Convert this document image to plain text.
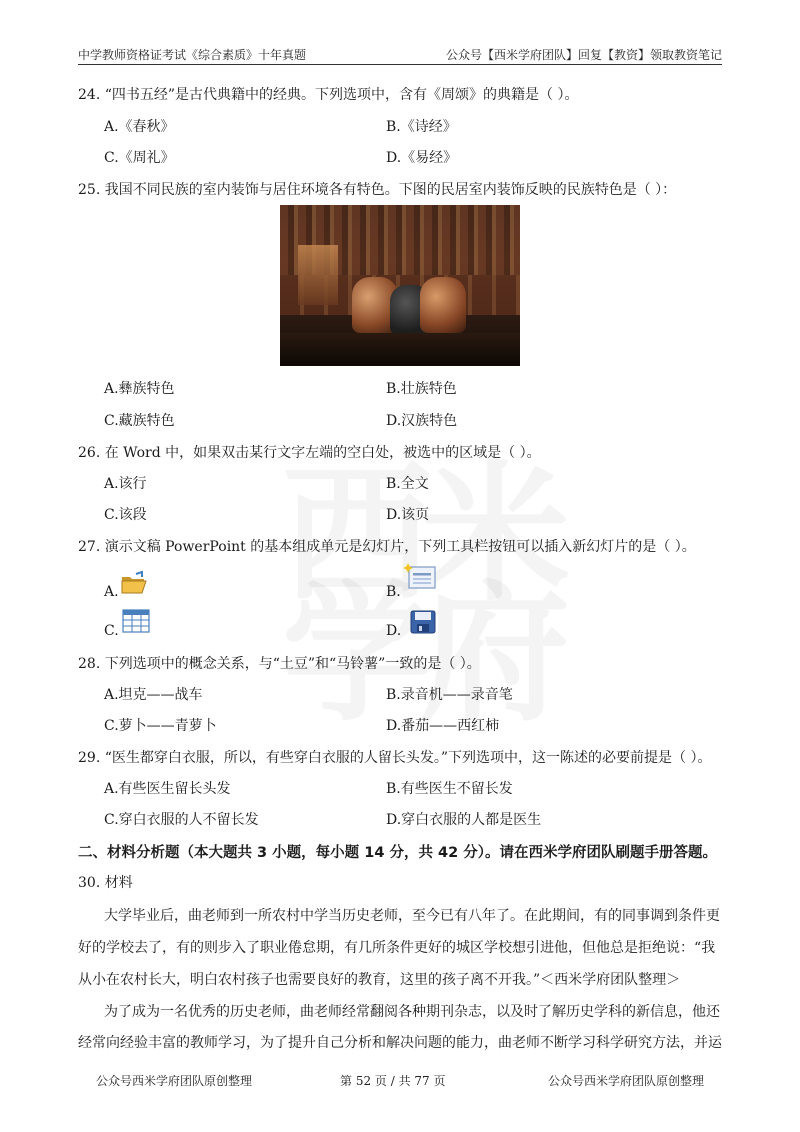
中学教师资格证考试《综合素质》十年真题	公众号【西米学府团队】回复【教资】领取教资笔记
24. “四书五经”是古代典籍中的经典。下列选项中，含有《周颂》的典籍是（ ）。
A.《春秋》	B.《诗经》
C.《周礼》	D.《易经》
25. 我国不同民族的室内装饰与居住环境各有特色。下图的民居室内装饰反映的民族特色是（ ）：
A.彝族特色	B.壮族特色
C.藏族特色	D.汉族特色
26. 在 Word 中，如果双击某行文字左端的空白处，被选中的区域是（ ）。
A.该行	B.全文
C.该段	D.该页
27. 演示文稿 PowerPoint 的基本组成单元是幻灯片，下列工具栏按钮可以插入新幻灯片的是（ ）。
A.	B.
C.	D.
28. 下列选项中的概念关系，与“土豆”和“马铃薯”一致的是（ ）。
A.坦克——战车	B.录音机——录音笔
C.萝卜——青萝卜	D.番茄——西红柿
29. “医生都穿白衣服，所以，有些穿白衣服的人留长头发。”下列选项中，这一陈述的必要前提是（ ）。
A.有些医生留长头发	B.有些医生不留长发
C.穿白衣服的人不留长发	D.穿白衣服的人都是医生
二、材料分析题（本大题共 3 小题，每小题 14 分，共 42 分）。请在西米学府团队刷题手册答题。
30. 材料
大学毕业后，曲老师到一所农村中学当历史老师，至今已有八年了。在此期间，有的同事调到条件更
好的学校去了，有的则步入了职业倦怠期，有几所条件更好的城区学校想引进他，但他总是拒绝说：“我
从小在农村长大，明白农村孩子也需要良好的教育，这里的孩子离不开我。”＜西米学府团队整理＞
为了成为一名优秀的历史老师，曲老师经常翻阅各种期刊杂志，以及时了解历史学科的新信息，他还
经常向经验丰富的教师学习，为了提升自己分析和解决问题的能力，曲老师不断学习科学研究方法，并运
公众号西米学府团队原创整理	第 52 页 / 共 77 页	公众号西米学府团队原创整理
